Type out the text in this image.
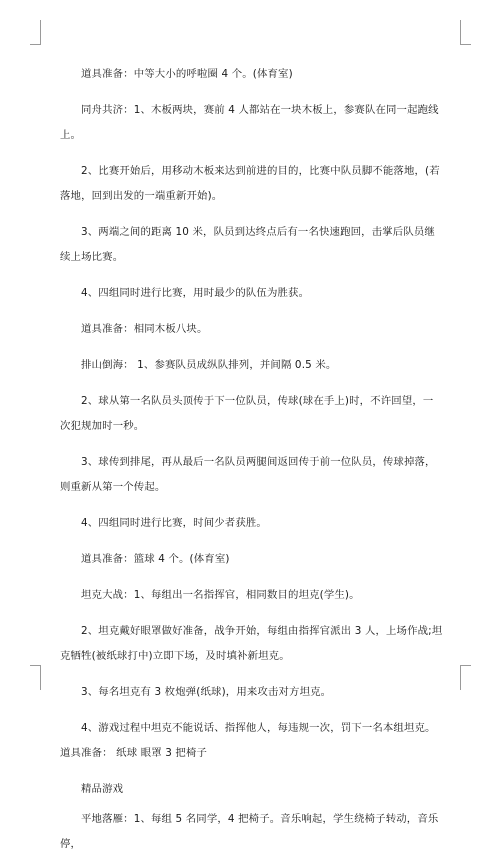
道具准备：中等大小的呼啦圈 4 个。(体育室)

同舟共济：1、木板两块，赛前 4 人都站在一块木板上，参赛队在同一起跑线上。

2、比赛开始后，用移动木板来达到前进的目的，比赛中队员脚不能落地，(若落地，回到出发的一端重新开始)。

3、两端之间的距离 10 米，队员到达终点后有一名快速跑回，击掌后队员继续上场比赛。

4、四组同时进行比赛，用时最少的队伍为胜获。

道具准备：相同木板八块。

排山倒海： 1、参赛队员成纵队排列，并间隔 0.5 米。

2、球从第一名队员头顶传于下一位队员，传球(球在手上)时，不许回望，一次犯规加时一秒。

3、球传到排尾，再从最后一名队员两腿间返回传于前一位队员，传球掉落，则重新从第一个传起。

4、四组同时进行比赛，时间少者获胜。

道具准备：篮球 4 个。(体育室)

坦克大战：1、每组出一名指挥官，相同数目的坦克(学生)。

2、坦克戴好眼罩做好准备，战争开始，每组由指挥官派出 3 人，上场作战;坦克牺牲(被纸球打中)立即下场，及时填补新坦克。

3、每名坦克有 3 枚炮弹(纸球)，用来攻击对方坦克。

4、游戏过程中坦克不能说话、指挥他人，每违规一次，罚下一名本组坦克。 道具准备： 纸球 眼罩 3 把椅子

精品游戏

平地落雁：1、每组 5 名同学，4 把椅子。音乐响起，学生绕椅子转动，音乐停，
